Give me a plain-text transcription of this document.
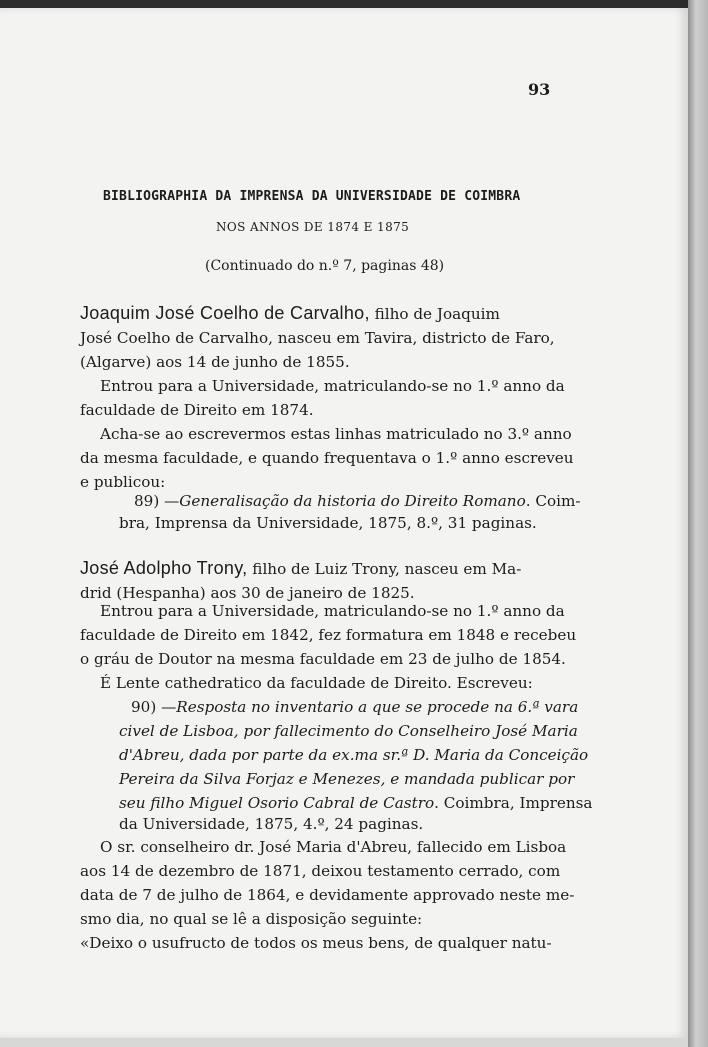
93
BIBLIOGRAPHIA DA IMPRENSA DA UNIVERSIDADE DE COIMBRA
NOS ANNOS DE 1874 E 1875
(Continuado do n.º 7, paginas 48)
Joaquim José Coelho de Carvalho, filho de Joaquim
José Coelho de Carvalho, nasceu em Tavira, districto de Faro,
(Algarve) aos 14 de junho de 1855.
Entrou para a Universidade, matriculando-se no 1.º anno da
faculdade de Direito em 1874.
Acha-se ao escrevermos estas linhas matriculado no 3.º anno
da mesma faculdade, e quando frequentava o 1.º anno escreveu
e publicou:
89) —Generalisação da historia do Direito Romano. Coim-
bra, Imprensa da Universidade, 1875, 8.º, 31 paginas.
José Adolpho Trony, filho de Luiz Trony, nasceu em Ma-
drid (Hespanha) aos 30 de janeiro de 1825.
Entrou para a Universidade, matriculando-se no 1.º anno da
faculdade de Direito em 1842, fez formatura em 1848 e recebeu
o gráu de Doutor na mesma faculdade em 23 de julho de 1854.
É Lente cathedratico da faculdade de Direito. Escreveu:
90) —Resposta no inventario a que se procede na 6.ª vara
civel de Lisboa, por fallecimento do Conselheiro José Maria
d'Abreu, dada por parte da ex.ma sr.ª D. Maria da Conceição
Pereira da Silva Forjaz e Menezes, e mandada publicar por
seu filho Miguel Osorio Cabral de Castro. Coimbra, Imprensa
da Universidade, 1875, 4.º, 24 paginas.
O sr. conselheiro dr. José Maria d'Abreu, fallecido em Lisboa
aos 14 de dezembro de 1871, deixou testamento cerrado, com
data de 7 de julho de 1864, e devidamente approvado neste me-
smo dia, no qual se lê a disposição seguinte:
«Deixo o usufructo de todos os meus bens, de qualquer natu-
